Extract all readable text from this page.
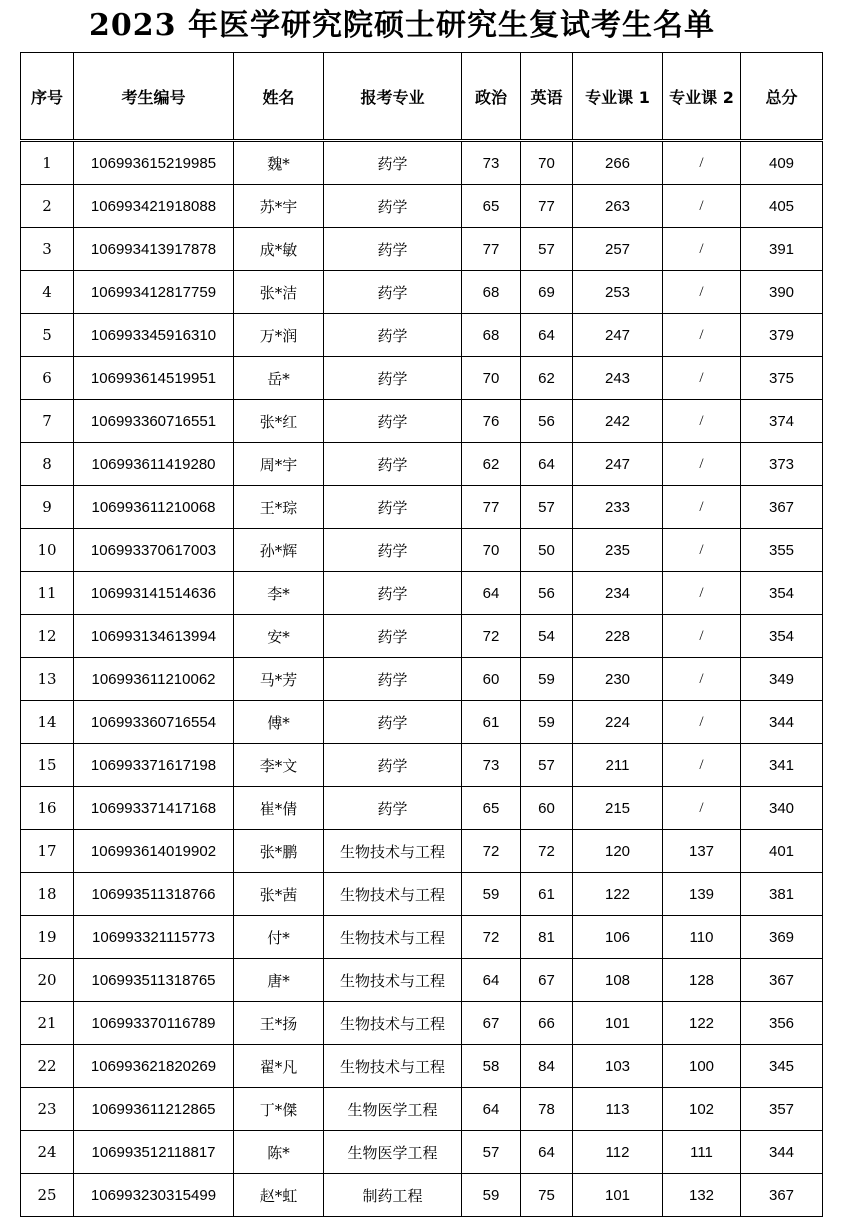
2023 年医学研究院硕士研究生复试考生名单
序号	考生编号	姓名	报考专业	政治	英语	专业课 1	专业课 2	总分
1	106993615219985	魏*	药学	73	70	266	/	409
2	106993421918088	苏*宇	药学	65	77	263	/	405
3	106993413917878	成*敏	药学	77	57	257	/	391
4	106993412817759	张*洁	药学	68	69	253	/	390
5	106993345916310	万*润	药学	68	64	247	/	379
6	106993614519951	岳*	药学	70	62	243	/	375
7	106993360716551	张*红	药学	76	56	242	/	374
8	106993611419280	周*宇	药学	62	64	247	/	373
9	106993611210068	王*琮	药学	77	57	233	/	367
10	106993370617003	孙*辉	药学	70	50	235	/	355
11	106993141514636	李*	药学	64	56	234	/	354
12	106993134613994	安*	药学	72	54	228	/	354
13	106993611210062	马*芳	药学	60	59	230	/	349
14	106993360716554	傅*	药学	61	59	224	/	344
15	106993371617198	李*文	药学	73	57	211	/	341
16	106993371417168	崔*倩	药学	65	60	215	/	340
17	106993614019902	张*鹏	生物技术与工程	72	72	120	137	401
18	106993511318766	张*茜	生物技术与工程	59	61	122	139	381
19	106993321115773	付*	生物技术与工程	72	81	106	110	369
20	106993511318765	唐*	生物技术与工程	64	67	108	128	367
21	106993370116789	王*扬	生物技术与工程	67	66	101	122	356
22	106993621820269	翟*凡	生物技术与工程	58	84	103	100	345
23	106993611212865	丁*傑	生物医学工程	64	78	113	102	357
24	106993512118817	陈*	生物医学工程	57	64	112	111	344
25	106993230315499	赵*虹	制药工程	59	75	101	132	367
